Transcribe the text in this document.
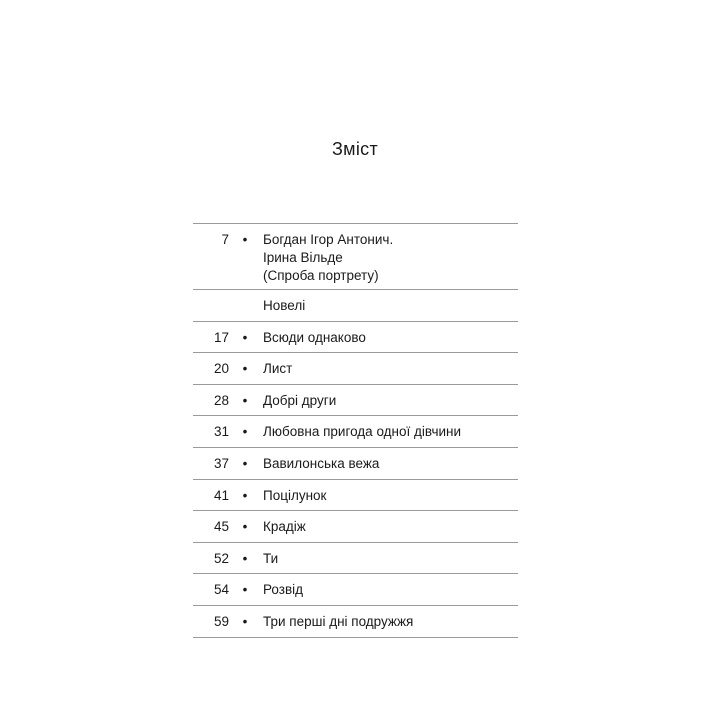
Зміст
7 • Богдан Ігор Антонич.
Ірина Вільде
(Спроба портрету)
Новелі
17 • Всюди однаково
20 • Лист
28 • Добрі други
31 • Любовна пригода одної дівчини
37 • Вавилонська вежа
41 • Поцілунок
45 • Крадіж
52 • Ти
54 • Розвід
59 • Три перші дні подружжя
